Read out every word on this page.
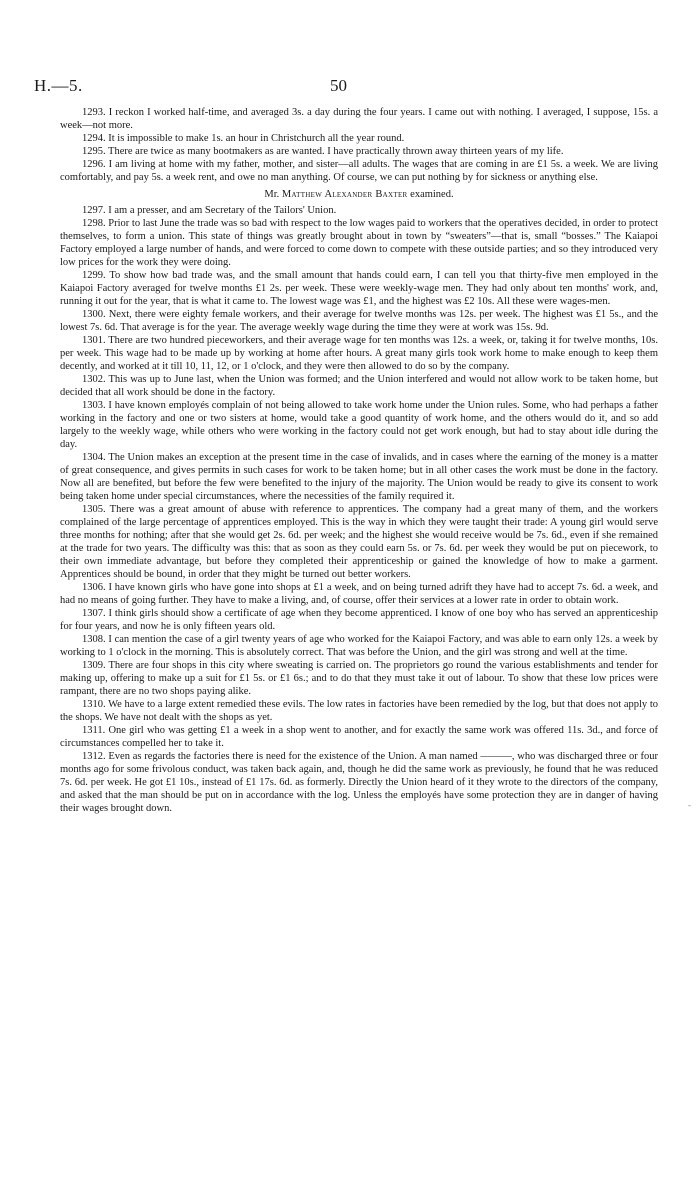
H.—5.	50

1293. I reckon I worked half-time, and averaged 3s. a day during the four years. I came out with nothing. I averaged, I suppose, 15s. a week—not more.

1294. It is impossible to make 1s. an hour in Christchurch all the year round.

1295. There are twice as many bootmakers as are wanted. I have practically thrown away thirteen years of my life.

1296. I am living at home with my father, mother, and sister—all adults. The wages that are coming in are £1 5s. a week. We are living comfortably, and pay 5s. a week rent, and owe no man anything. Of course, we can put nothing by for sickness or anything else.

Mr. Matthew Alexander Baxter examined.

1297. I am a presser, and am Secretary of the Tailors' Union.

1298. Prior to last June the trade was so bad with respect to the low wages paid to workers that the operatives decided, in order to protect themselves, to form a union. This state of things was greatly brought about in town by “sweaters”—that is, small “bosses.” The Kaiapoi Factory employed a large number of hands, and were forced to come down to compete with these outside parties; and so they introduced very low prices for the work they were doing.

1299. To show how bad trade was, and the small amount that hands could earn, I can tell you that thirty-five men employed in the Kaiapoi Factory averaged for twelve months £1 2s. per week. These were weekly-wage men. They had only about ten months' work, and, running it out for the year, that is what it came to. The lowest wage was £1, and the highest was £2 10s. All these were wages-men.

1300. Next, there were eighty female workers, and their average for twelve months was 12s. per week. The highest was £1 5s., and the lowest 7s. 6d. That average is for the year. The average weekly wage during the time they were at work was 15s. 9d.

1301. There are two hundred pieceworkers, and their average wage for ten months was 12s. a week, or, taking it for twelve months, 10s. per week. This wage had to be made up by working at home after hours. A great many girls took work home to make enough to keep them decently, and worked at it till 10, 11, 12, or 1 o'clock, and they were then allowed to do so by the company.

1302. This was up to June last, when the Union was formed; and the Union interfered and would not allow work to be taken home, but decided that all work should be done in the factory.

1303. I have known employés complain of not being allowed to take work home under the Union rules. Some, who had perhaps a father working in the factory and one or two sisters at home, would take a good quantity of work home, and the others would do it, and so add largely to the weekly wage, while others who were working in the factory could not get work enough, but had to stay about idle during the day.

1304. The Union makes an exception at the present time in the case of invalids, and in cases where the earning of the money is a matter of great consequence, and gives permits in such cases for work to be taken home; but in all other cases the work must be done in the factory. Now all are benefited, but before the few were benefited to the injury of the majority. The Union would be ready to give its consent to work being taken home under special circumstances, where the necessities of the family required it.

1305. There was a great amount of abuse with reference to apprentices. The company had a great many of them, and the workers complained of the large percentage of apprentices employed. This is the way in which they were taught their trade: A young girl would serve three months for nothing; after that she would get 2s. 6d. per week; and the highest she would receive would be 7s. 6d., even if she remained at the trade for two years. The difficulty was this: that as soon as they could earn 5s. or 7s. 6d. per week they would be put on piecework, to their own immediate advantage, but before they completed their apprenticeship or gained the knowledge of how to make a garment. Apprentices should be bound, in order that they might be turned out better workers.

1306. I have known girls who have gone into shops at £1 a week, and on being turned adrift they have had to accept 7s. 6d. a week, and had no means of going further. They have to make a living, and, of course, offer their services at a lower rate in order to obtain work.

1307. I think girls should show a certificate of age when they become apprenticed. I know of one boy who has served an apprenticeship for four years, and now he is only fifteen years old.

1308. I can mention the case of a girl twenty years of age who worked for the Kaiapoi Factory, and was able to earn only 12s. a week by working to 1 o'clock in the morning. This is absolutely correct. That was before the Union, and the girl was strong and well at the time.

1309. There are four shops in this city where sweating is carried on. The proprietors go round the various establishments and tender for making up, offering to make up a suit for £1 5s. or £1 6s.; and to do that they must take it out of labour. To show that these low prices were rampant, there are no two shops paying alike.

1310. We have to a large extent remedied these evils. The low rates in factories have been remedied by the log, but that does not apply to the shops. We have not dealt with the shops as yet.

1311. One girl who was getting £1 a week in a shop went to another, and for exactly the same work was offered 11s. 3d., and force of circumstances compelled her to take it.

1312. Even as regards the factories there is need for the existence of the Union. A man named ———, who was discharged three or four months ago for some frivolous conduct, was taken back again, and, though he did the same work as previously, he found that he was reduced 7s. 6d. per week. He got £1 10s., instead of £1 17s. 6d. as formerly. Directly the Union heard of it they wrote to the directors of the company, and asked that the man should be put on in accordance with the log. Unless the employés have some protection they are in danger of having their wages brought down.	-
